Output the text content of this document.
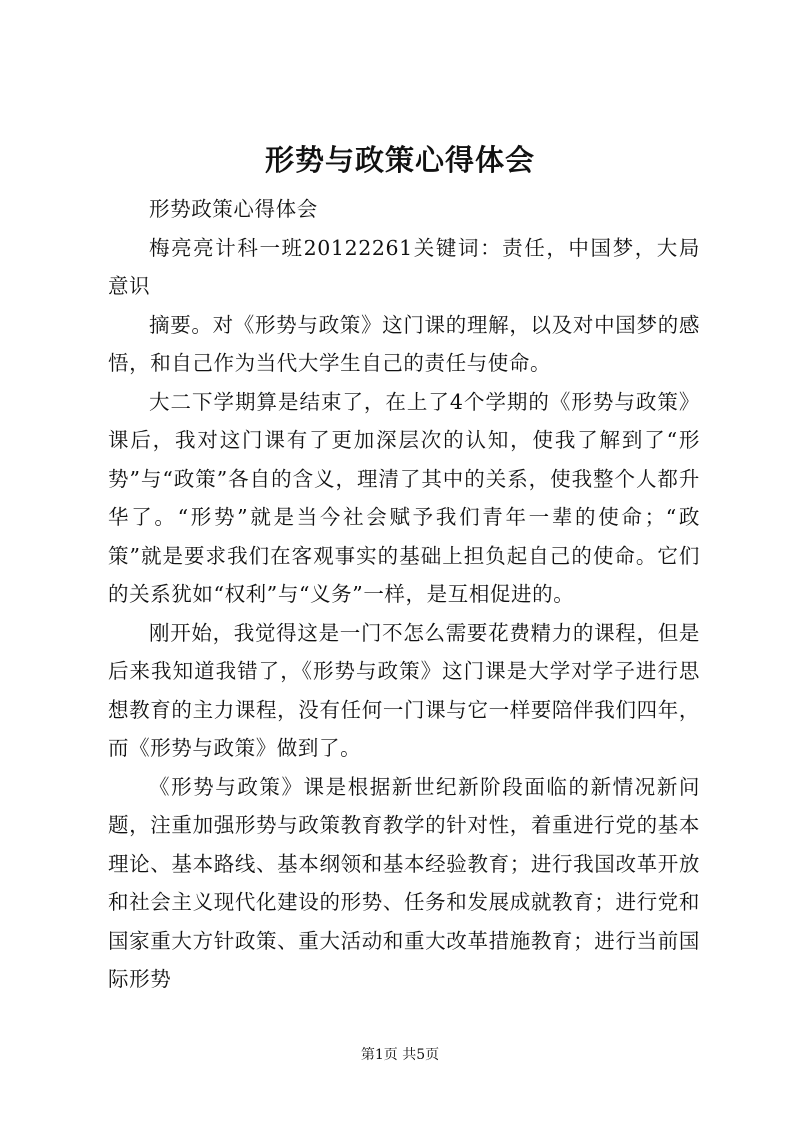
形势与政策心得体会

形势政策心得体会

梅亮亮计科一班20122261关键词：责任，中国梦，大局意识

摘要。对《形势与政策》这门课的理解，以及对中国梦的感悟，和自己作为当代大学生自己的责任与使命。

大二下学期算是结束了，在上了4个学期的《形势与政策》课后，我对这门课有了更加深层次的认知，使我了解到了“形势”与“政策”各自的含义，理清了其中的关系，使我整个人都升华了。“形势”就是当今社会赋予我们青年一辈的使命；“政策”就是要求我们在客观事实的基础上担负起自己的使命。它们的关系犹如“权利”与“义务”一样，是互相促进的。

刚开始，我觉得这是一门不怎么需要花费精力的课程，但是后来我知道我错了，《形势与政策》这门课是大学对学子进行思想教育的主力课程，没有任何一门课与它一样要陪伴我们四年，而《形势与政策》做到了。

《形势与政策》课是根据新世纪新阶段面临的新情况新问题，注重加强形势与政策教育教学的针对性，着重进行党的基本理论、基本路线、基本纲领和基本经验教育；进行我国改革开放和社会主义现代化建设的形势、任务和发展成就教育；进行党和国家重大方针政策、重大活动和重大改革措施教育；进行当前国际形势

第1页 共5页
